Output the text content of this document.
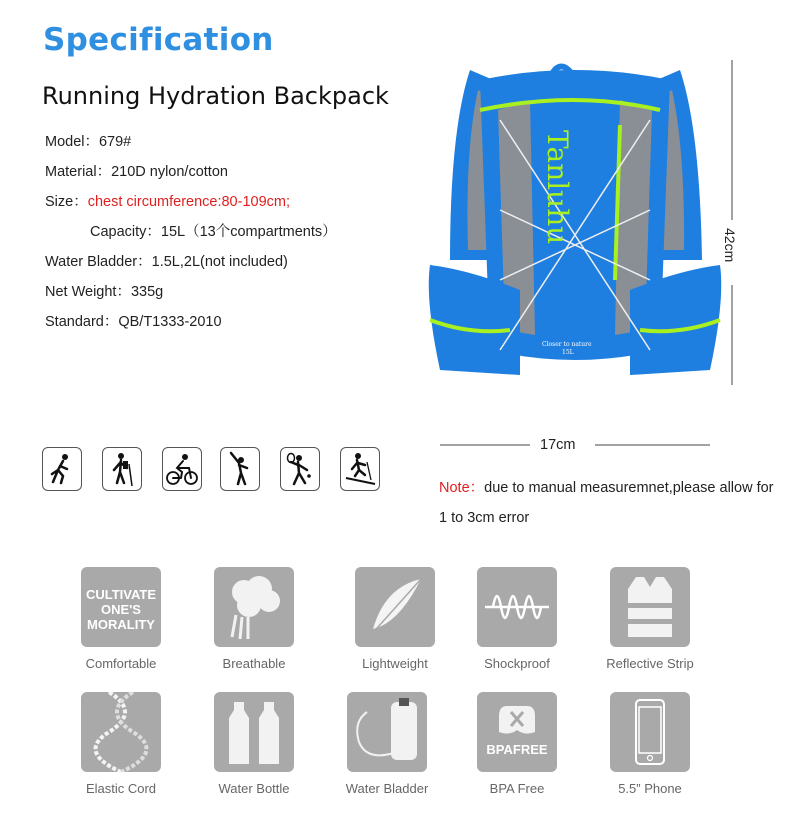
Specification
Running Hydration Backpack
Model：679#
Material：210D nylon/cotton
Size：chest circumference:80-109cm;
Capacity：15L（13个compartments）
Water Bladder：1.5L,2L(not included)
Net Weight：335g
Standard：QB/T1333-2010
Tanluhu
Closer to nature
15L
42cm
17cm
Note：due to manual measuremnet,please allow for 1 to 3cm error
CULTIVATE
ONE'S
MORALITY
Comfortable	Breathable	Lightweight	Shockproof	Reflective Strip
Elastic Cord	Water Bottle	Water Bladder
BPAFREE
BPA Free	5.5” Phone
